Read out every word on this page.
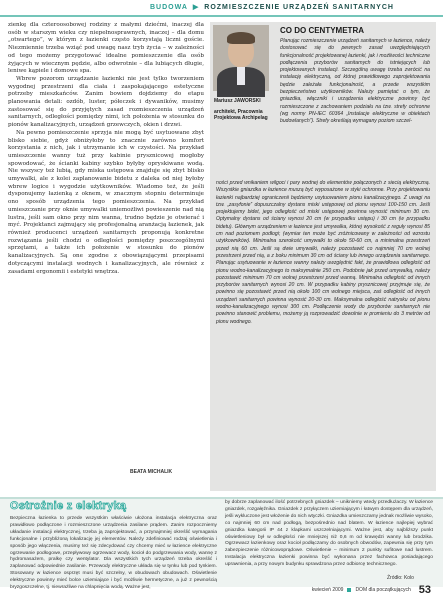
BUDOWA ▶ ROZMIESZCZENIE URZĄDZEŃ SANITARNYCH

zienkę dla czteroosobowej rodziny z małymi dziećmi, inaczej dla osób w starszym wieku czy niepełnosprawnych, inaczej – dla domu „otwartego”, w którym z łazienki często korzystają liczni goście. Niezmiennie trzeba wziąć pod uwagę nasz tryb życia – w zależności od tego możemy przygotować idealne pomieszczenie dla osób żyjących w wiecznym pędzie, albo odwrotnie – dla lubiących długie, leniwe kąpiele i domowe spa.

Wbrew pozorom urządzanie łazienki nie jest tylko tworzeniem wygodnej przestrzeni dla ciała i zaspokajającego estetyczne potrzeby mieszkańców. Zanim bowiem dojdziemy do etapu planowania detali: ozdób, luster, półeczek i dywaników, musimy zastosować się do przyjętych zasad rozmieszczenia urządzeń sanitarnych, odległości pomiędzy nimi, ich położenia w stosunku do pionów kanalizacyjnych, urządzeń grzewczych, okien i drzwi.

Na pewno pomieszczenie sprzyja nie mogą być usytuowane zbyt blisko siebie, gdyż obniżyłoby to znacznie zarówno komfort korzystania z nich, jak i utrzymanie ich w czystości. Na przykład umieszczenie wanny tuż przy kabinie prysznicowej mogłoby spowodować, że ścianki kabiny szybko byłyby opryskiwane wodą. Nie wszyscy też lubią, gdy miska ustępowa znajduje się zbyt blisko umywalki, ale z kolei zaplanowanie bidetu z daleka od niej byłoby wbrew logice i wygodzie użytkowników. Wiadomo też, że jeśli dysponujemy łazienką z oknem, w znacznym stopniu determinuje ono sposób urządzenia tego pomieszczenia. Na przykład umieszczanie przy oknie umywalki uniemożliwi powieszenie nad nią lustra, jeśli sam okno przy nim wanna, trudno będzie je otwierać i myć. Projektanci zajmujący się profesjonalną aranżacją łazienek, jak również producenci urządzeń sanitarnych proponują konkretne rozwiązania jeśli chodzi o odległości pomiędzy poszczególnymi sprzętami, a także ich położenie w stosunku do pionów kanalizacyjnych. Są one zgodne z obowiązującymi przepisami dotyczącymi instalacji wodnych i kanalizacyjnych, ale również z zasadami ergonomii i estetyki wnętrza.

BEATA MICHALIK
Mariusz JAWORSKI
architekt, Pracownia Projektowa Archipelag
CO DO CENTYMETRA
Planując rozmieszczenie urządzeń sanitarnych w łazience, należy dostosować się do pewnych zasad uwzględniających funkcjonalność projektowanej łazienki, jak i możliwości techniczne podłączenia przyborów sanitarnych do istniejących lub projektowanych instalacji. Szczególną uwagę trzeba zwrócić na instalację elektryczną, od której prawidłowego zaprojektowania będzie zależała funkcjonalność, a przede wszystkim bezpieczeństwo użytkowników. Należy pamiętać o tym, że gniazdka, włączniki i urządzenia elektryczne powinny być rozmieszczone z zachowaniem podziału na tzw. strefy ochronne (wg normy PN-IEC 60364 „Instalacje elektryczne w obiektach budowlanych”). Strefy określają wymagany poziom szczel-
ności przed wnikaniem wilgoci i pary wodnej do elementów połączonych z siecią elektryczną. Wszystkie gniazdka w łazience muszą być wyposażone w styki ochronne. Przy projektowaniu łazienki najbardziej ograniczenii będziemy usytuowaniem pionu kanalizacyjnego. Z uwagi na tzw. „zasyfonie” dopuszczalny dystans miski ustępowej od pionu wynosi 100-150 cm. Jeśli projektujemy bidet, jego odległość od miski ustępowej powinna wynosić minimum 30 cm. Optymalny dystans od ściany wynosi 20 cm (w przypadku ustępu) i 30 cm (w przypadku bidetu). Głównym urządzeniem w łazience jest umywalka, której wysokość z reguły wynosi 85 cm nad poziomem podłogi; (wymiar ten może być zróżnicowany w zależności od wzrostu użytkowników). Minimalna szerokość umywalki to około 50-60 cm, a minimalna przestrzeń przed nią 60 cm. Jeśli są dwie umywalki, należy pozostawić co najmniej 70 cm wolnej przestrzeni przed nią, a z boku minimum 30 cm od ściany lub innego urządzenia sanitarnego. Planując usytuowanie w łazience wanny należy uwzględnić fakt, że prawidłowa odległość od pionu wodno-kanalizacyjnego to maksymalnie 250 cm. Podobnie jak przed umywalką, należy pozostawić minimum 70 cm wolnej przestrzeni przed wanną. Minimalna odległość od innych przyborów sanitarnych wynosi 20 cm. W przypadku kabiny prysznicowej przyjmuje się, że powinno się pozostawić przed nią około 100 cm wolnego miejsca, zaś odległość od innych urządzeń sanitarnych powinna wynosić 20-30 cm. Maksymalna odległość natrysku od pionu wodno-kanalizacyjnego wynosi 300 cm. Podłączenie wody do przyborów sanitarnych nie powinno stanowić problemu, możemy ją rozprowadzić dowolnie w promieniu do 3 metrów od pionu wodnego.
Ostrożnie z elektryką
Bezpieczna łazienka to przede wszystkim właściwie ułożona instalacja elektryczna oraz prawidłowo podłączone i rozmieszczone urządzenia zasilane prądem. Zanim rozpoczniemy układanie instalacji elektrycznej, trzeba ją zaprojektować, a przynajmniej określić wymagania funkcjonalne i przybliżoną lokalizację jej elementów. Należy zdefiniować rodzaj oświetlenia i sposób jego włączenia, musimy też się zdecydować czy chcemy mieć w łazience elektryczne ogrzewanie podłogowe, przepływowy ogrzewacz wody, kocioł do podgrzewania wody, wannę z hydromasażem, pralkę czy wentylator. Dla wszystkich tych urządzeń trzeba określić i zaplanować odpowiednie zasilanie. Przewody elektryczne układa się w tynku lub pod tynkiem. Stosowany w łazience osprzęt musi być szczelny, w obudowach obudowach. Oświetlenie elektryczne powinny mieć bolce uziemiające i być możliwie hermetyczne, a już z pewnością bryzgoszczelne, tj. niewrażliwe na chlapnięcia wodą. Ważne jest,
by dobrze zaplanować ilość potrzebnych gniazdek – unikniemy wtedy przedłużaczy. W łazience gniazdek, rozgałęźnika. Gniazdek z przyłączem uziemiającym i łatwym dostępem dla urządzeń, jeśli wykluczone jest włożenie do nich wtyczki. Gniazdka umieszczamy jednak możliwie wysoko, co najmniej 60 cm nad podłogą, bezpośrednio nad blatem. W łazience najlepiej wybrać gniazdka kategorii IP 44 z klapkami uszczelniającymi. Ważne jest, aby najbliższy punkt oświetleniowy był w odległości nie mniejszej niż 0,6 m od krawędzi wanny lub brodzika. Ogrzewacz łazienkowy oraz kocioł podłączamy do osobnych obwodów, zapewnia się przy tym zabezpieczenie różnicowoprądowe. Oświetlenie – minimum 2 punkty sufitowe nad lustrem. Instalacja elektryczna łazienki powinna być wykonana przez fachowca posiadającego uprawnienia, a przy nowym budynku sprawdzona przez odbiorcę technicznego.
Źródło: Kolo
kwiecień 2009 DOM dla początkujących 53
